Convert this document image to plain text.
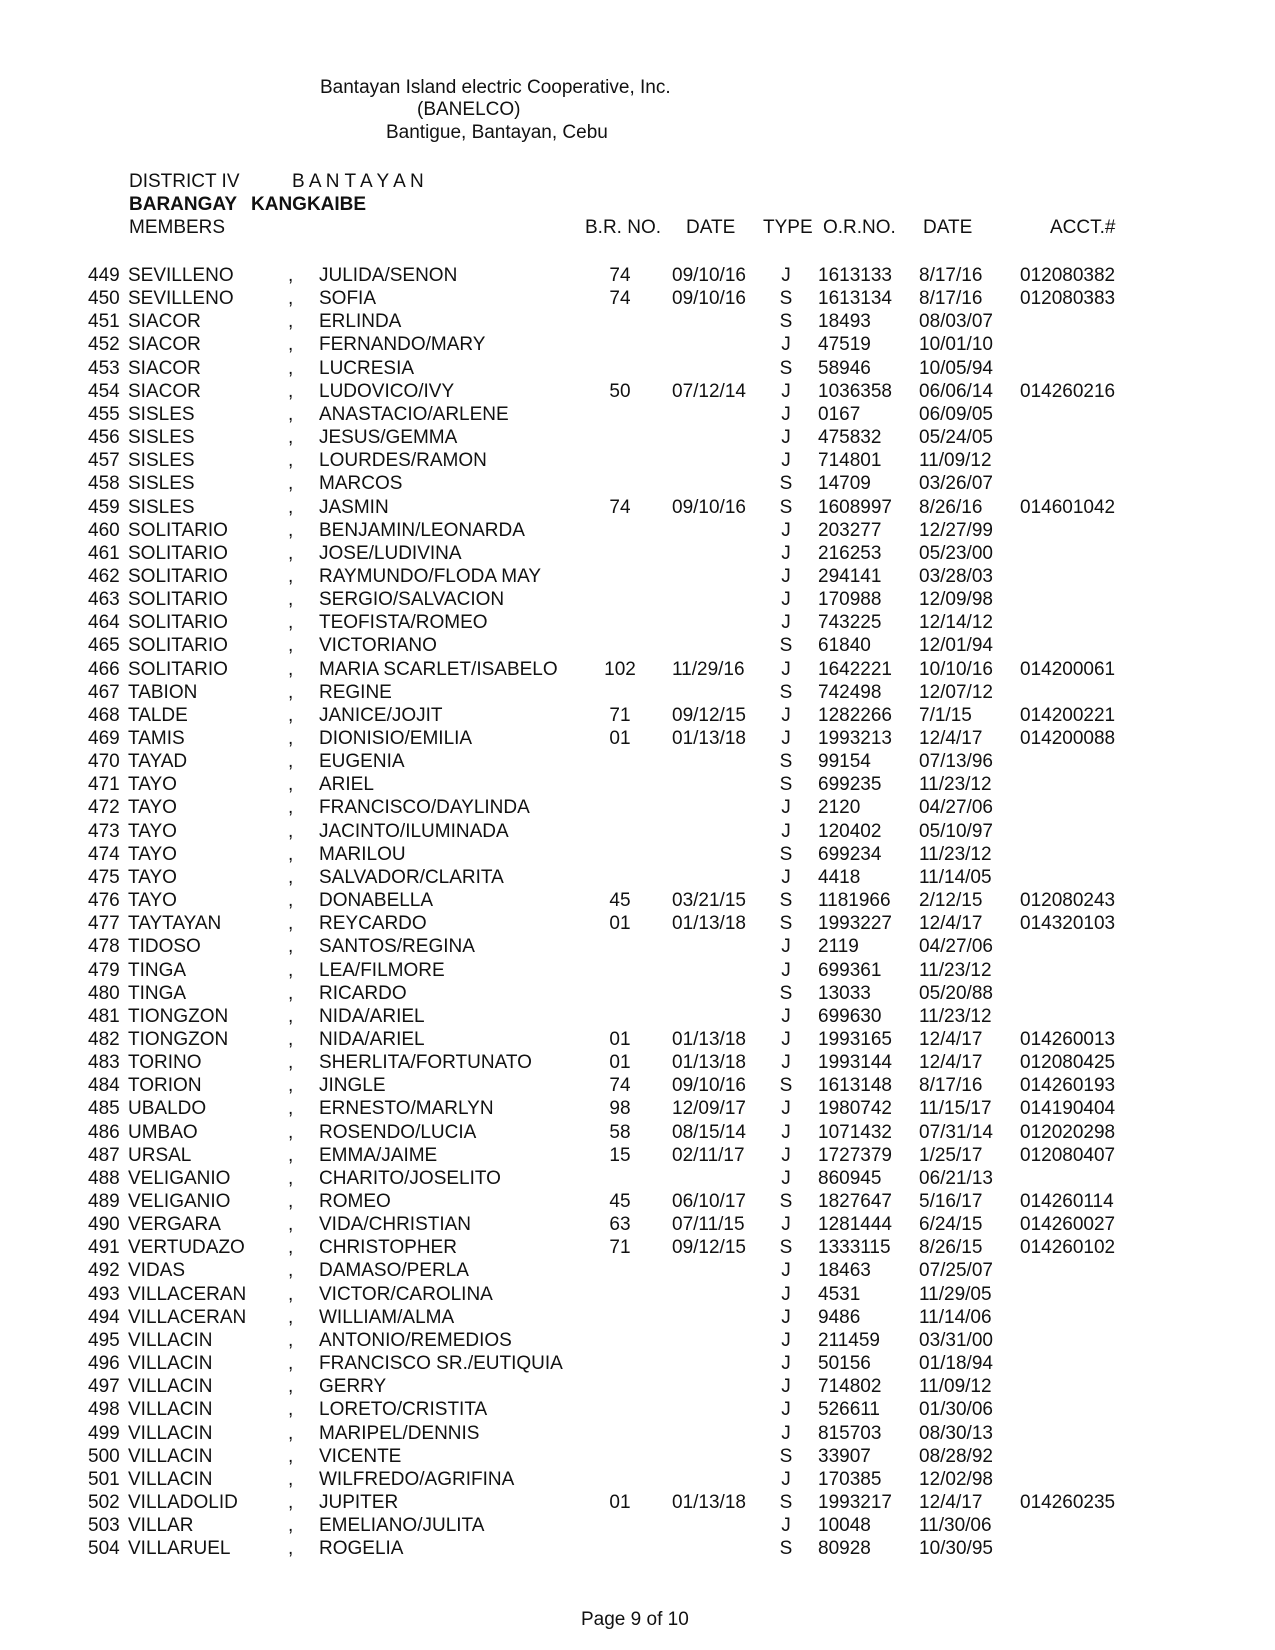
Bantayan Island electric Cooperative, Inc.
(BANELCO)
Bantigue, Bantayan, Cebu
DISTRICT IV	B A N T A Y A N
BARANGAY KANGKAIBE
MEMBERS	B.R. NO. DATE TYPE O.R.NO. DATE	ACCT.#
449 SEVILLENO	, JULIDA/SENON	74	09/10/16	J	1613133 8/17/16 012080382
450 SEVILLENO	, SOFIA	74	09/10/16	S	1613134 8/17/16 012080383
451 SIACOR	, ERLINDA	S	18493	08/03/07
452 SIACOR	, FERNANDO/MARY	J	47519	10/01/10
453 SIACOR	, LUCRESIA	S	58946	10/05/94
454 SIACOR	, LUDOVICO/IVY	50	07/12/14	J	1036358 06/06/14 014260216
455 SISLES	, ANASTACIO/ARLENE	J	0167	06/09/05
456 SISLES	, JESUS/GEMMA	J	475832 05/24/05
457 SISLES	, LOURDES/RAMON	J	714801 11/09/12
458 SISLES	, MARCOS	S	14709	03/26/07
459 SISLES	, JASMIN	74	09/10/16	S	1608997 8/26/16 014601042
460 SOLITARIO	, BENJAMIN/LEONARDA	J	203277 12/27/99
461 SOLITARIO	, JOSE/LUDIVINA	J	216253 05/23/00
462 SOLITARIO	, RAYMUNDO/FLODA MAY	J	294141 03/28/03
463 SOLITARIO	, SERGIO/SALVACION	J	170988 12/09/98
464 SOLITARIO	, TEOFISTA/ROMEO	J	743225 12/14/12
465 SOLITARIO	, VICTORIANO	S	61840	12/01/94
466 SOLITARIO	, MARIA SCARLET/ISABELO 102 11/29/16	J	1642221 10/10/16 014200061
467 TABION	, REGINE	S	742498 12/07/12
468 TALDE	, JANICE/JOJIT	71	09/12/15	J	1282266 7/1/15	014200221
469 TAMIS	, DIONISIO/EMILIA	01	01/13/18	J	1993213 12/4/17 014200088
470 TAYAD	, EUGENIA	S	99154	07/13/96
471 TAYO	, ARIEL	S	699235 11/23/12
472 TAYO	, FRANCISCO/DAYLINDA	J	2120	04/27/06
473 TAYO	, JACINTO/ILUMINADA	J	120402 05/10/97
474 TAYO	, MARILOU	S	699234 11/23/12
475 TAYO	, SALVADOR/CLARITA	J	4418	11/14/05
476 TAYO	, DONABELLA	45	03/21/15	S	1181966 2/12/15 012080243
477 TAYTAYAN	, REYCARDO	01	01/13/18	S	1993227 12/4/17 014320103
478 TIDOSO	, SANTOS/REGINA	J	2119	04/27/06
479 TINGA	, LEA/FILMORE	J	699361 11/23/12
480 TINGA	, RICARDO	S	13033	05/20/88
481 TIONGZON	, NIDA/ARIEL	J	699630 11/23/12
482 TIONGZON	, NIDA/ARIEL	01	01/13/18	J	1993165 12/4/17 014260013
483 TORINO	, SHERLITA/FORTUNATO	01	01/13/18	J	1993144 12/4/17 012080425
484 TORION	, JINGLE	74	09/10/16	S	1613148 8/17/16 014260193
485 UBALDO	, ERNESTO/MARLYN	98	12/09/17	J	1980742 11/15/17 014190404
486 UMBAO	, ROSENDO/LUCIA	58	08/15/14	J	1071432 07/31/14 012020298
487 URSAL	, EMMA/JAIME	15	02/11/17	J	1727379 1/25/17 012080407
488 VELIGANIO	, CHARITO/JOSELITO	J	860945 06/21/13
489 VELIGANIO	, ROMEO	45	06/10/17	S	1827647 5/16/17 014260114
490 VERGARA	, VIDA/CHRISTIAN	63	07/11/15	J	1281444 6/24/15 014260027
491 VERTUDAZO , CHRISTOPHER	71	09/12/15	S	1333115 8/26/15 014260102
492 VIDAS	, DAMASO/PERLA	J	18463	07/25/07
493 VILLACERAN , VICTOR/CAROLINA	J	4531	11/29/05
494 VILLACERAN , WILLIAM/ALMA	J	9486	11/14/06
495 VILLACIN	, ANTONIO/REMEDIOS	J	211459 03/31/00
496 VILLACIN	, FRANCISCO SR./EUTIQUIA	J	50156	01/18/94
497 VILLACIN	, GERRY	J	714802 11/09/12
498 VILLACIN	, LORETO/CRISTITA	J	526611 01/30/06
499 VILLACIN	, MARIPEL/DENNIS	J	815703 08/30/13
500 VILLACIN	, VICENTE	S	33907	08/28/92
501 VILLACIN	, WILFREDO/AGRIFINA	J	170385 12/02/98
502 VILLADOLID	, JUPITER	01	01/13/18	S	1993217 12/4/17 014260235
503 VILLAR	, EMELIANO/JULITA	J	10048	11/30/06
504 VILLARUEL	, ROGELIA	S	80928	10/30/95
Page 9 of 10
